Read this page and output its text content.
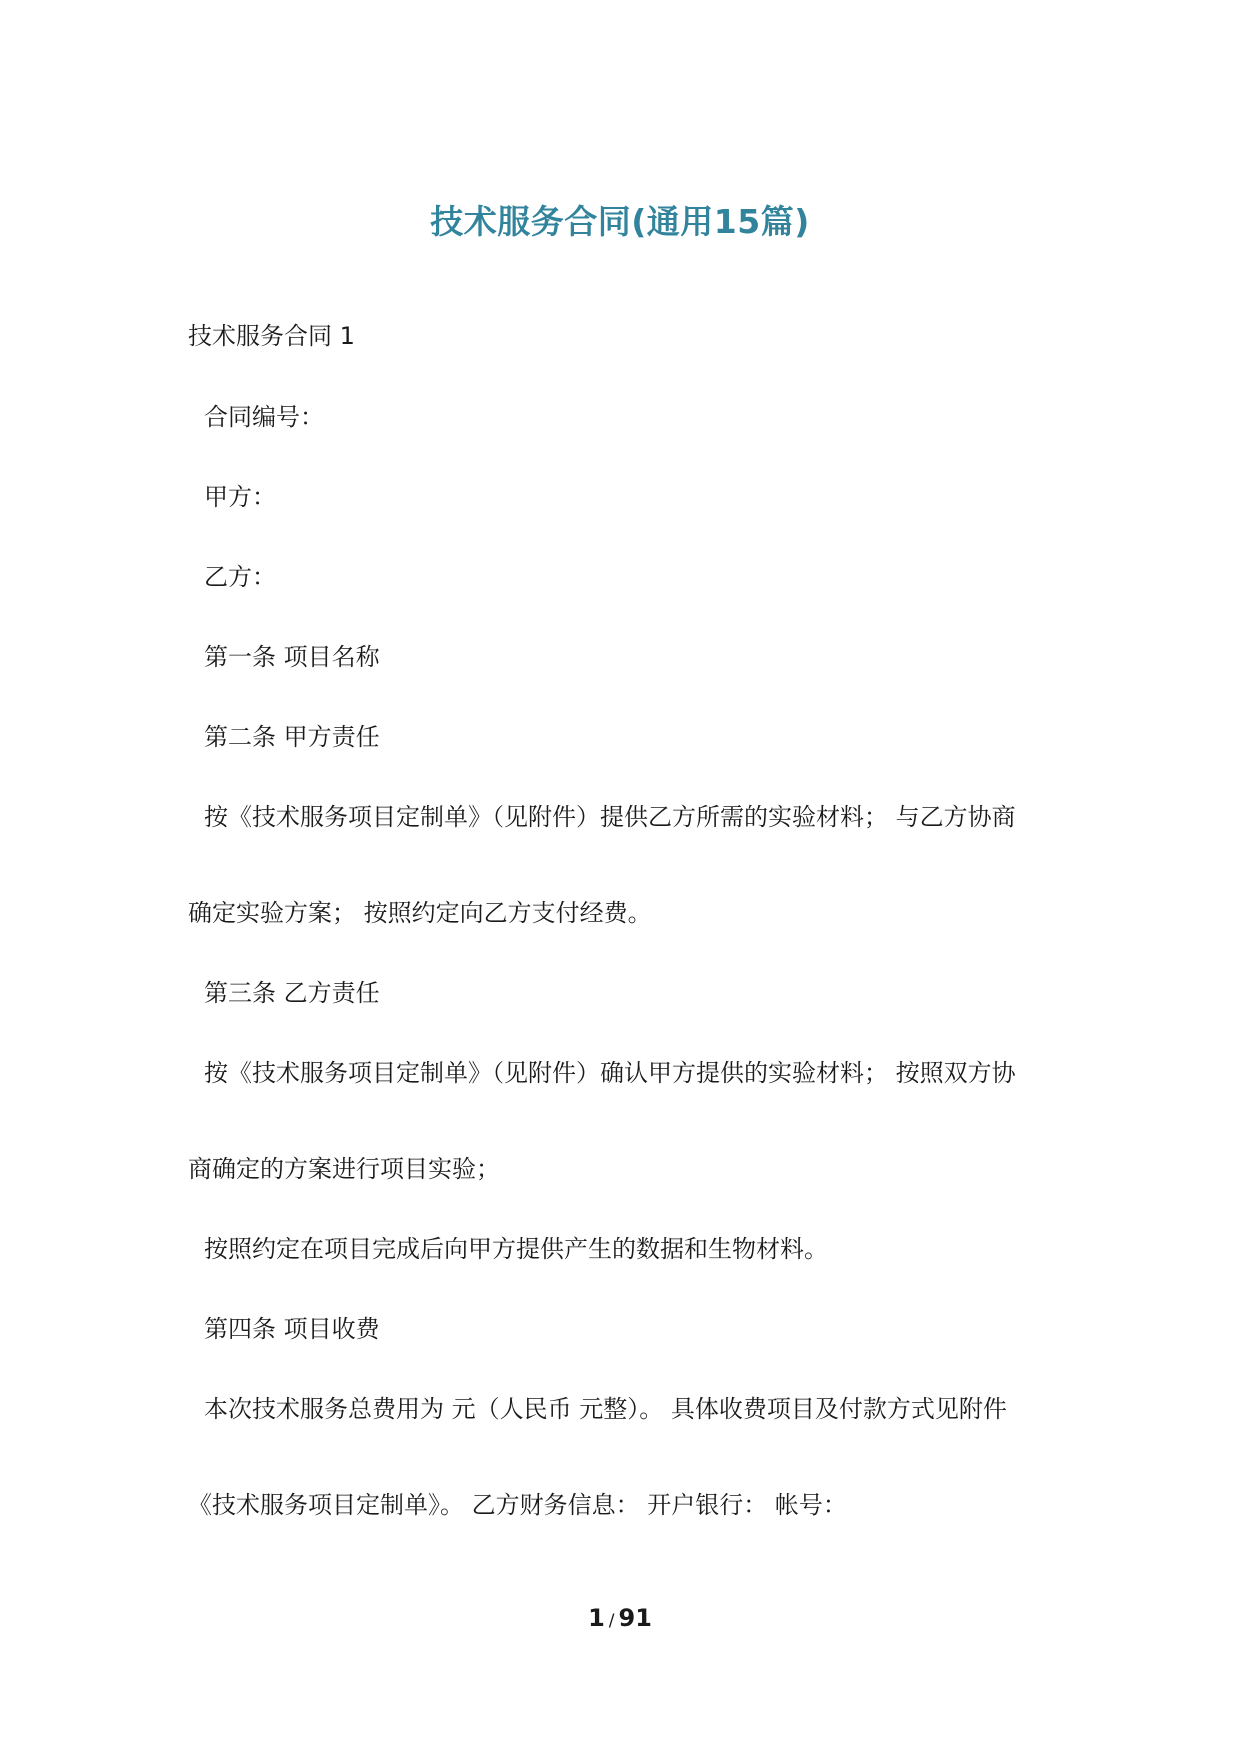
技术服务合同(通用15篇)

技术服务合同 1

合同编号：

甲方：

乙方：

第一条 项目名称

第二条 甲方责任

按《技术服务项目定制单》（见附件）提供乙方所需的实验材料； 与乙方协商

确定实验方案； 按照约定向乙方支付经费。

第三条 乙方责任

按《技术服务项目定制单》（见附件）确认甲方提供的实验材料； 按照双方协

商确定的方案进行项目实验；

按照约定在项目完成后向甲方提供产生的数据和生物材料。

第四条 项目收费

本次技术服务总费用为 元（人民币 元整）。 具体收费项目及付款方式见附件

《技术服务项目定制单》。 乙方财务信息： 开户银行： 帐号：

1 / 91
